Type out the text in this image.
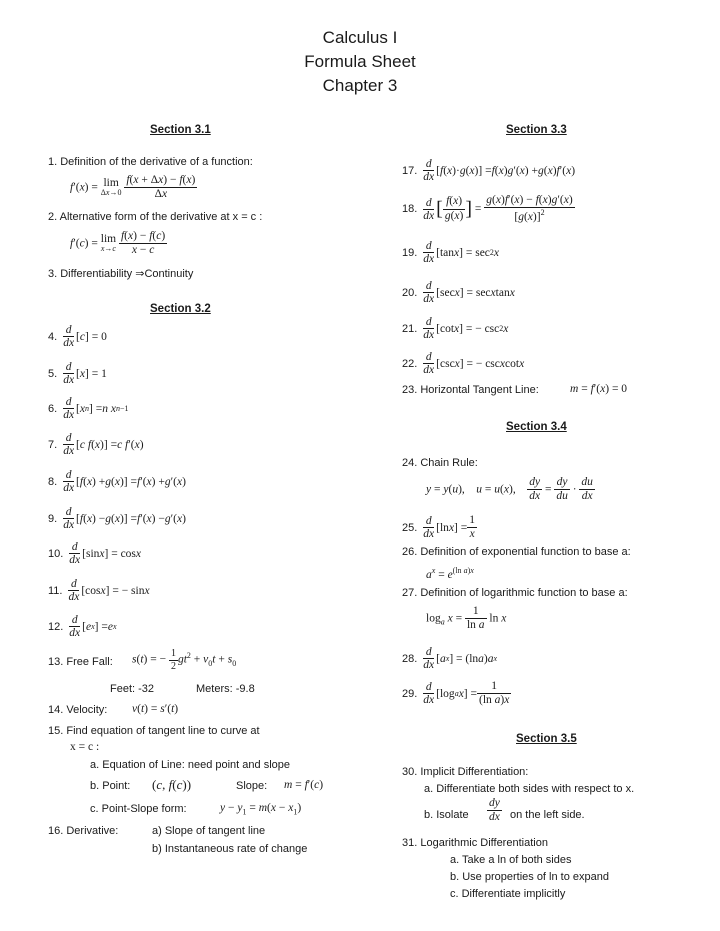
Calculus I
Formula Sheet
Chapter 3
Section 3.1
1. Definition of the derivative of a function:
f′(x) = lim
Δx→0
$\frac{f(x + \Delta x) - f(x)}{\Delta x}$
2. Alternative form of the derivative at x = c :
f′(c) = lim
x→c
$\frac{f(x) - f(c)}{x - c}$
3. Differentiability ⇒Continuity
Section 3.2
4.
d
dx
[ c ] = 0
5.
d
dx
[ x ] = 1
6.
d
dx
[ x n ] = n x n−1
7.
d
dx
[ c f ( x )] = c f ′( x )
8.
d
dx
[ f ( x ) + g ( x )] = f ′( x ) + g ′( x )
9.
d
dx
[ f ( x ) − g ( x )] = f ′( x ) − g ′( x )
10.
d
dx
[sin x ] = cos x
11.
d
dx
[cos x ] = − sin x
12.
d
dx
[ e x ] = e x
13. Free Fall: s(t) = − $\frac{1}{2} gt^2 + v_0t + s_0$
Feet: -32	Meters: -9.8
14. Velocity: v(t) = s′(t)
15. Find equation of tangent line to curve at
x = c :
a. Equation of Line: need point and slope
b. Point: (c, f(c))	Slope: m = f′(c)
c. Point-Slope form:	$y - y_1 = m(x - x_1)$
16. Derivative:	a) Slope of tangent line
b) Instantaneous rate of change
Section 3.3
17.
d
dx
[ f ( x )· g ( x )] = f ( x ) g ′( x ) + g ( x ) f ′( x )
18.
d
dx [ $\frac{f(x)}{g(x)}$ ] = $\frac{g(x)f'(x) - f(x)g'(x)}{[g(x)]^2}$
19.
d
dx
[tan x ] = sec 2 x
20.
d
dx
[sec x ] = sec x tan x
21.
d
dx
[cot x ] = − csc 2 x
22.
d
dx
[csc x ] = − csc x cot x
23. Horizontal Tangent Line:	m = f′(x) = 0
Section 3.4
24. Chain Rule:
y = y(u),    u = u(x), $\frac{dy}{dx} = \frac{dy}{du} \cdot \frac{du}{dx}$
25.
d
dx
[ln x ] = $\frac{1}{x}$
26. Definition of exponential function to base a:
$a^x = e^{(ln a)x}$
27. Definition of logarithmic function to base a:
$\log_a x = \frac{1}{\text{ln a}}$ ln x
28.
d
dx
[ a x ] = (ln a ) a x
29.
d
dx
[log a x ] = $\frac{1}{\text{(ln a)x}}$
Section 3.5
30. Implicit Differentiation:
a. Differentiate both sides with respect to x.
b. Isolate $\frac{dy}{dx}$ on the left side.
31. Logarithmic Differentiation
a. Take a ln of both sides
b. Use properties of ln to expand
c. Differentiate implicitly
